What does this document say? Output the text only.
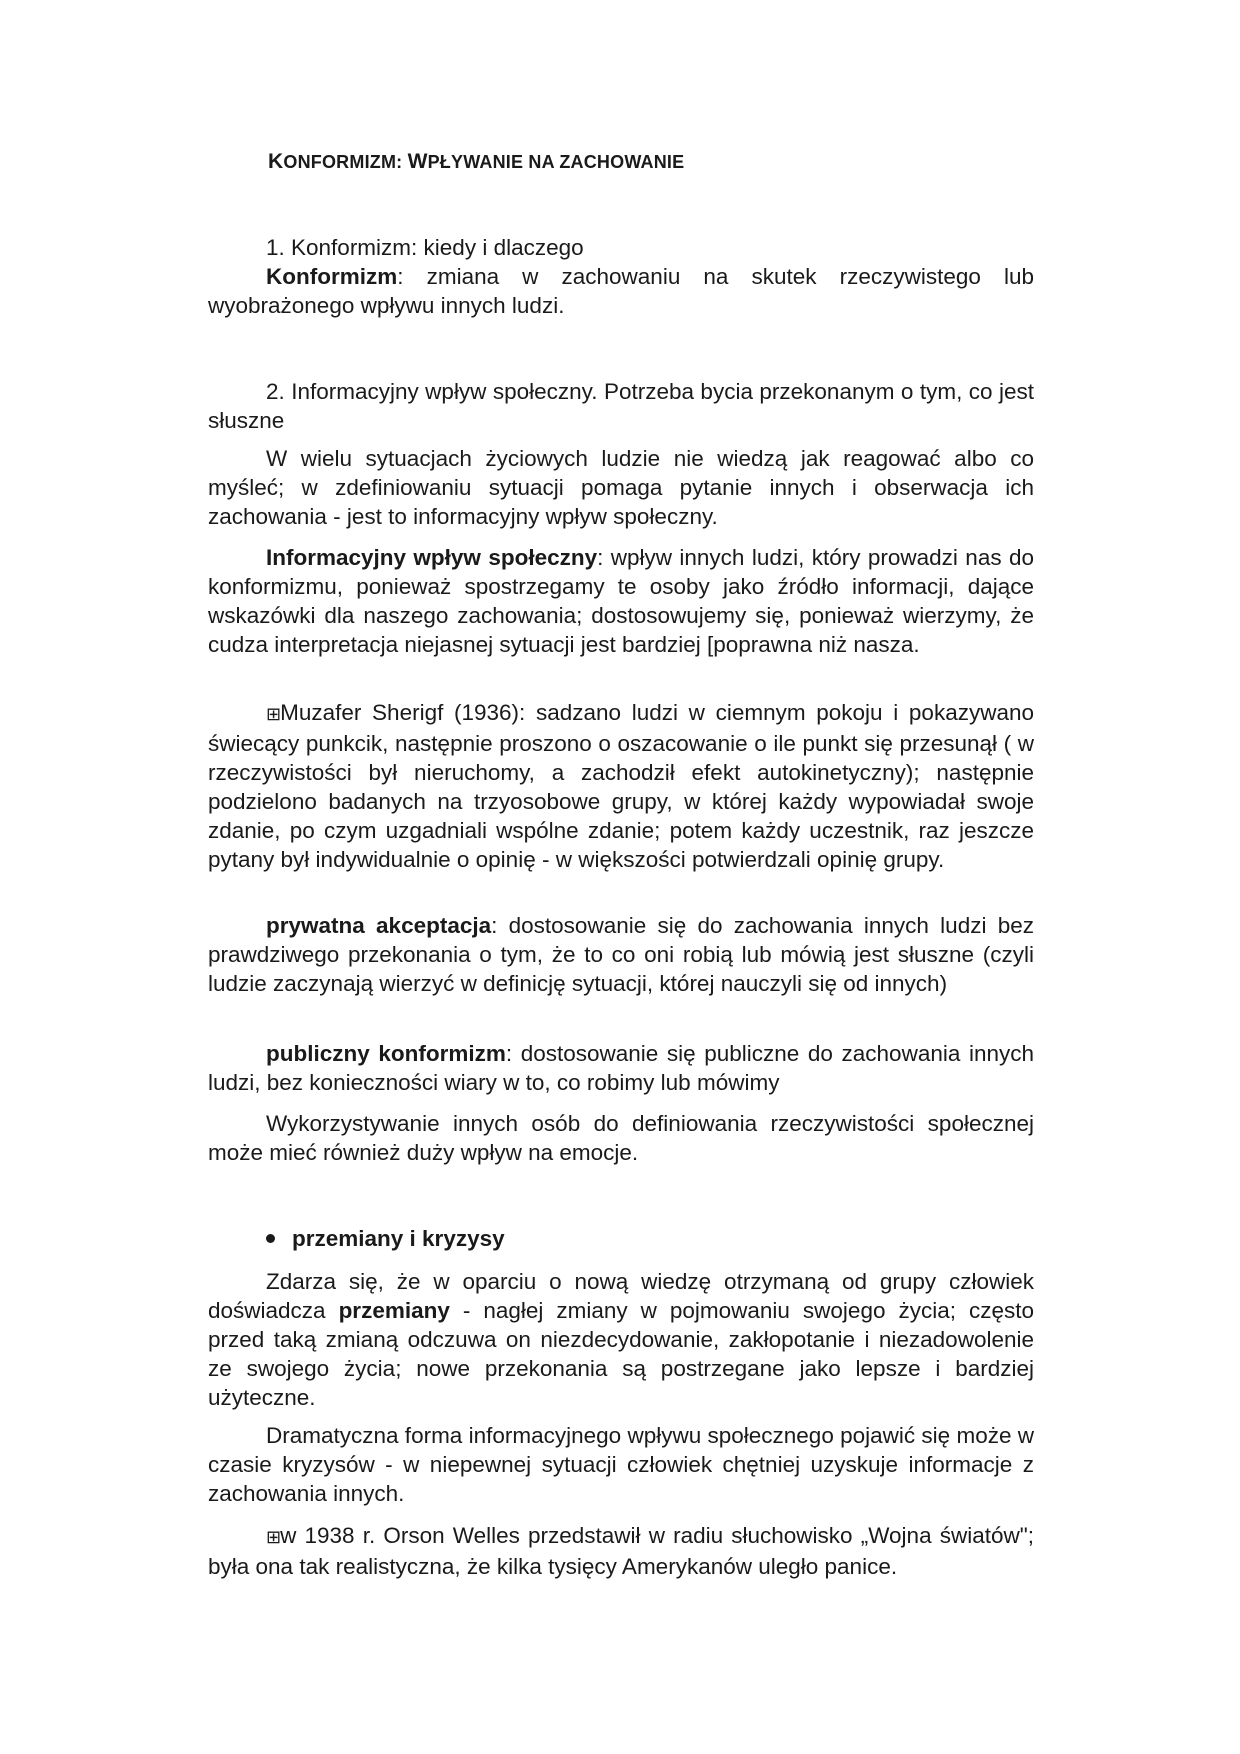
KONFORMIZM: WPŁYWANIE NA ZACHOWANIE
1. Konformizm: kiedy i dlaczego
Konformizm: zmiana w zachowaniu na skutek rzeczywistego lub wyobrażonego wpływu innych ludzi.
2. Informacyjny wpływ społeczny. Potrzeba bycia przekonanym o tym, co jest słuszne
W wielu sytuacjach życiowych ludzie nie wiedzą jak reagować albo co myśleć; w zdefiniowaniu sytuacji pomaga pytanie innych i obserwacja ich zachowania - jest to informacyjny wpływ społeczny.
Informacyjny wpływ społeczny: wpływ innych ludzi, który prowadzi nas do konformizmu, ponieważ spostrzegamy te osoby jako źródło informacji, dające wskazówki dla naszego zachowania; dostosowujemy się, ponieważ wierzymy, że cudza interpretacja niejasnej sytuacji jest bardziej [poprawna niż nasza.
⊞Muzafer Sherigf (1936): sadzano ludzi w ciemnym pokoju i pokazywano świecący punkcik, następnie proszono o oszacowanie o ile punkt się przesunął ( w rzeczywistości był nieruchomy, a zachodził efekt autokinetyczny); następnie podzielono badanych na trzyosobowe grupy, w której każdy wypowiadał swoje zdanie, po czym uzgadniali wspólne zdanie; potem każdy uczestnik, raz jeszcze pytany był indywidualnie o opinię - w większości potwierdzali opinię grupy.
prywatna akceptacja: dostosowanie się do zachowania innych ludzi bez prawdziwego przekonania o tym, że to co oni robią lub mówią jest słuszne (czyli ludzie zaczynają wierzyć w definicję sytuacji, której nauczyli się od innych)
publiczny konformizm: dostosowanie się publiczne do zachowania innych ludzi, bez konieczności wiary w to, co robimy lub mówimy
Wykorzystywanie innych osób do definiowania rzeczywistości społecznej może mieć również duży wpływ na emocje.
przemiany i kryzysy
Zdarza się, że w oparciu o nową wiedzę otrzymaną od grupy człowiek doświadcza przemiany - nagłej zmiany w pojmowaniu swojego życia; często przed taką zmianą odczuwa on niezdecydowanie, zakłopotanie i niezadowolenie ze swojego życia; nowe przekonania są postrzegane jako lepsze i bardziej użyteczne.
Dramatyczna forma informacyjnego wpływu społecznego pojawić się może w czasie kryzysów - w niepewnej sytuacji człowiek chętniej uzyskuje informacje z zachowania innych.
⊞w 1938 r. Orson Welles przedstawił w radiu słuchowisko „Wojna światów"; była ona tak realistyczna, że kilka tysięcy Amerykanów uległo panice.
